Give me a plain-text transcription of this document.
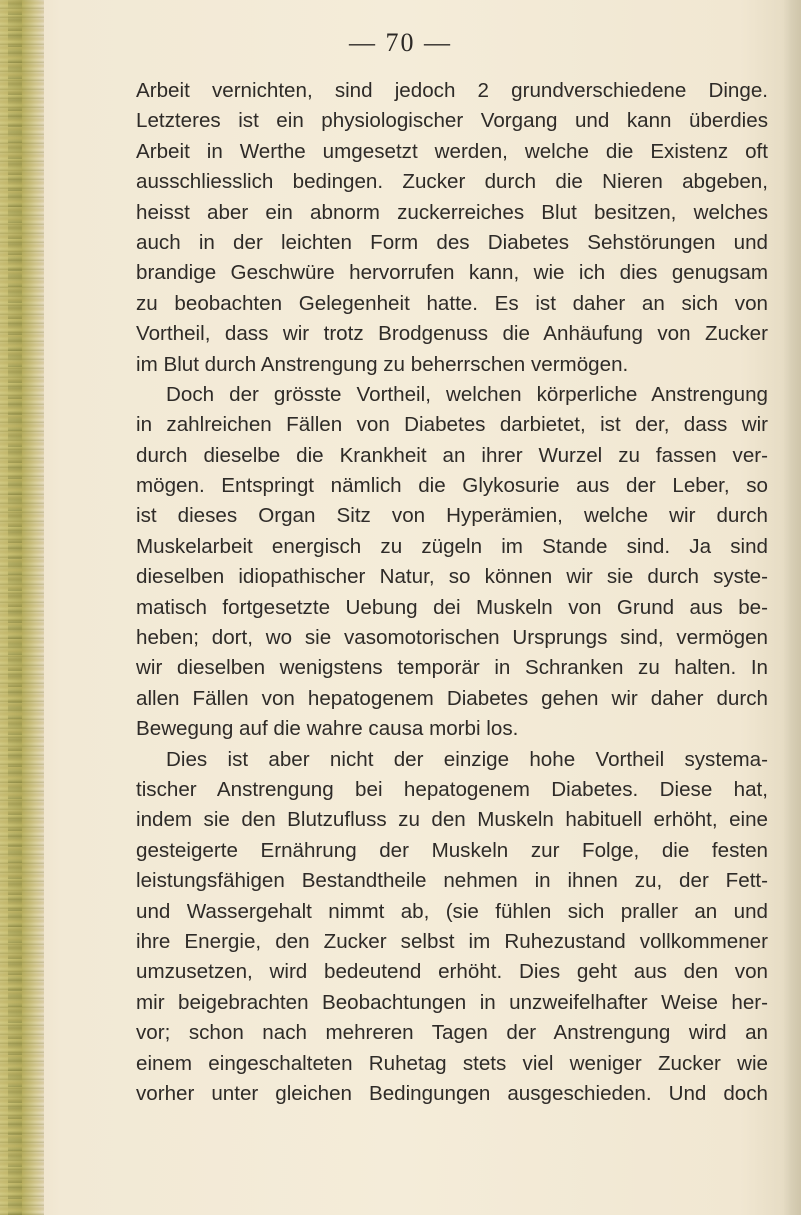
— 70 —
Arbeit vernichten, sind jedoch 2 grundverschiedene Dinge.
Letzteres ist ein physiologischer Vorgang und kann überdies
Arbeit in Werthe umgesetzt werden, welche die Existenz oft
ausschliesslich bedingen. Zucker durch die Nieren abgeben,
heisst aber ein abnorm zuckerreiches Blut besitzen, welches
auch in der leichten Form des Diabetes Sehstörungen und
brandige Geschwüre hervorrufen kann, wie ich dies genugsam
zu beobachten Gelegenheit hatte. Es ist daher an sich von
Vortheil, dass wir trotz Brodgenuss die Anhäufung von Zucker
im Blut durch Anstrengung zu beherrschen vermögen.
Doch der grösste Vortheil, welchen körperliche Anstrengung
in zahlreichen Fällen von Diabetes darbietet, ist der, dass wir
durch dieselbe die Krankheit an ihrer Wurzel zu fassen ver-
mögen. Entspringt nämlich die Glykosurie aus der Leber, so
ist dieses Organ Sitz von Hyperämien, welche wir durch
Muskelarbeit energisch zu zügeln im Stande sind. Ja sind
dieselben idiopathischer Natur, so können wir sie durch syste-
matisch fortgesetzte Uebung dei Muskeln von Grund aus be-
heben; dort, wo sie vasomotorischen Ursprungs sind, vermögen
wir dieselben wenigstens temporär in Schranken zu halten. In
allen Fällen von hepatogenem Diabetes gehen wir daher durch
Bewegung auf die wahre causa morbi los.
Dies ist aber nicht der einzige hohe Vortheil systema-
tischer Anstrengung bei hepatogenem Diabetes. Diese hat,
indem sie den Blutzufluss zu den Muskeln habituell erhöht, eine
gesteigerte Ernährung der Muskeln zur Folge, die festen
leistungsfähigen Bestandtheile nehmen in ihnen zu, der Fett-
und Wassergehalt nimmt ab, (sie fühlen sich praller an und
ihre Energie, den Zucker selbst im Ruhezustand vollkommener
umzusetzen, wird bedeutend erhöht. Dies geht aus den von
mir beigebrachten Beobachtungen in unzweifelhafter Weise her-
vor; schon nach mehreren Tagen der Anstrengung wird an
einem eingeschalteten Ruhetag stets viel weniger Zucker wie
vorher unter gleichen Bedingungen ausgeschieden. Und doch
